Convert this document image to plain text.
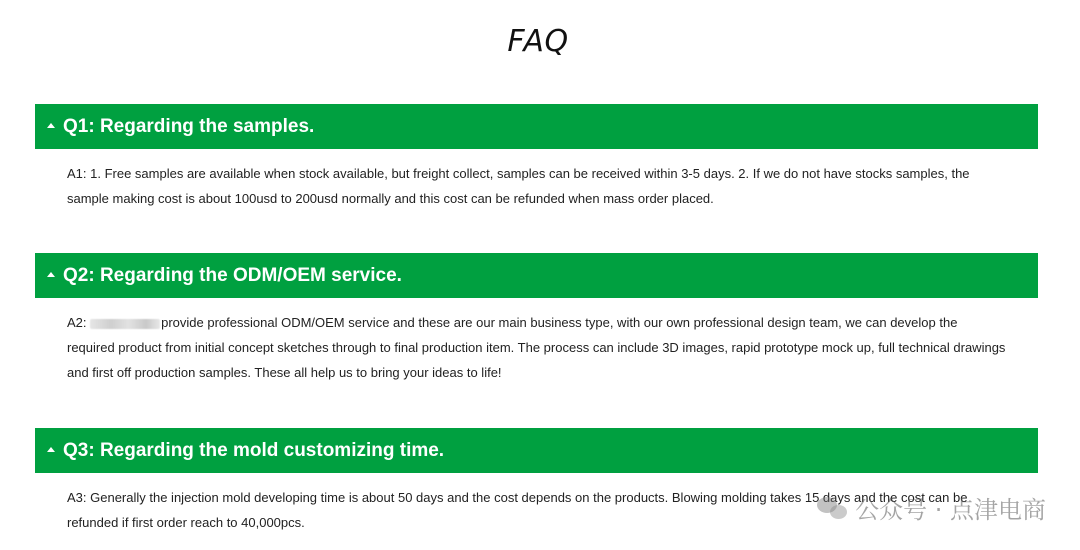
FAQ
Q1: Regarding the samples.

A1: 1. Free samples are available when stock available, but freight collect, samples can be received within 3-5 days. 2. If we do not have stocks samples, the sample making cost is about 100usd to 200usd normally and this cost can be refunded when mass order placed.

Q2: Regarding the ODM/OEM service.

A2:	provide professional ODM/OEM service and these are our main business type, with our own professional design team, we can develop the required product from initial concept sketches through to final production item. The process can include 3D images, rapid prototype mock up, full technical drawings and first off production samples. These all help us to bring your ideas to life!

Q3: Regarding the mold customizing time.

A3: Generally the injection mold developing time is about 50 days and the cost depends on the products. Blowing molding takes 15 days and the cost can be refunded if first order reach to 40,000pcs.	公众号 · 点津电商
